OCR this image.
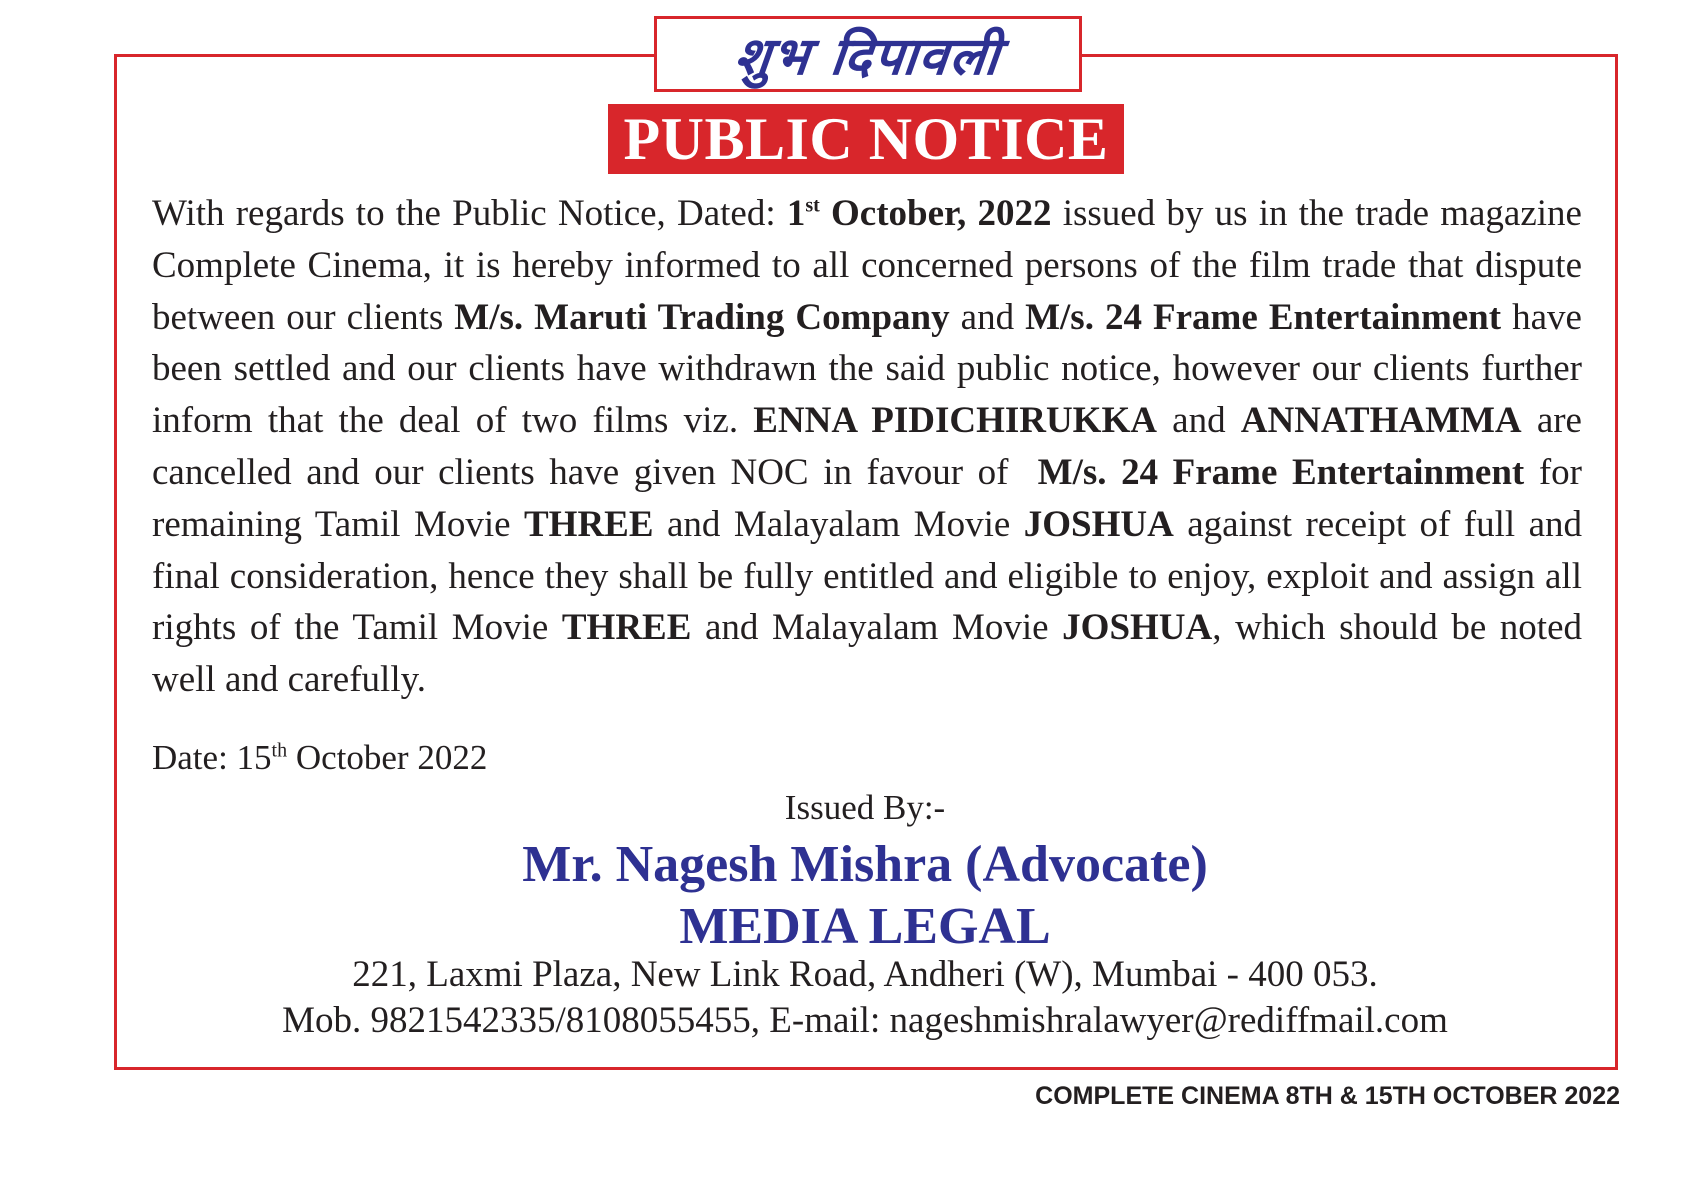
शुभ दिपावली
PUBLIC NOTICE
With regards to the Public Notice, Dated: 1st October, 2022 issued by us in the trade magazine Complete Cinema, it is hereby informed to all concerned persons of the film trade that dispute between our clients M/s. Maruti Trading Company and M/s. 24 Frame Entertainment have been settled and our clients have withdrawn the said public notice, however our clients further inform that the deal of two films viz. ENNA PIDICHIRUKKA and ANNATHAMMA are cancelled and our clients have given NOC in favour of  M/s. 24 Frame Entertainment for remaining Tamil Movie THREE and Malayalam Movie JOSHUA against receipt of full and final consideration, hence they shall be fully entitled and eligible to enjoy, exploit and assign all rights of the Tamil Movie THREE and Malayalam Movie JOSHUA, which should be noted well and carefully.
Date: 15th October 2022
Issued By:-
Mr. Nagesh Mishra (Advocate)
MEDIA LEGAL
221, Laxmi Plaza, New Link Road, Andheri (W), Mumbai - 400 053.
Mob. 9821542335/8108055455, E-mail: nageshmishralawyer@rediffmail.com
COMPLETE CINEMA 8TH & 15TH OCTOBER 2022
